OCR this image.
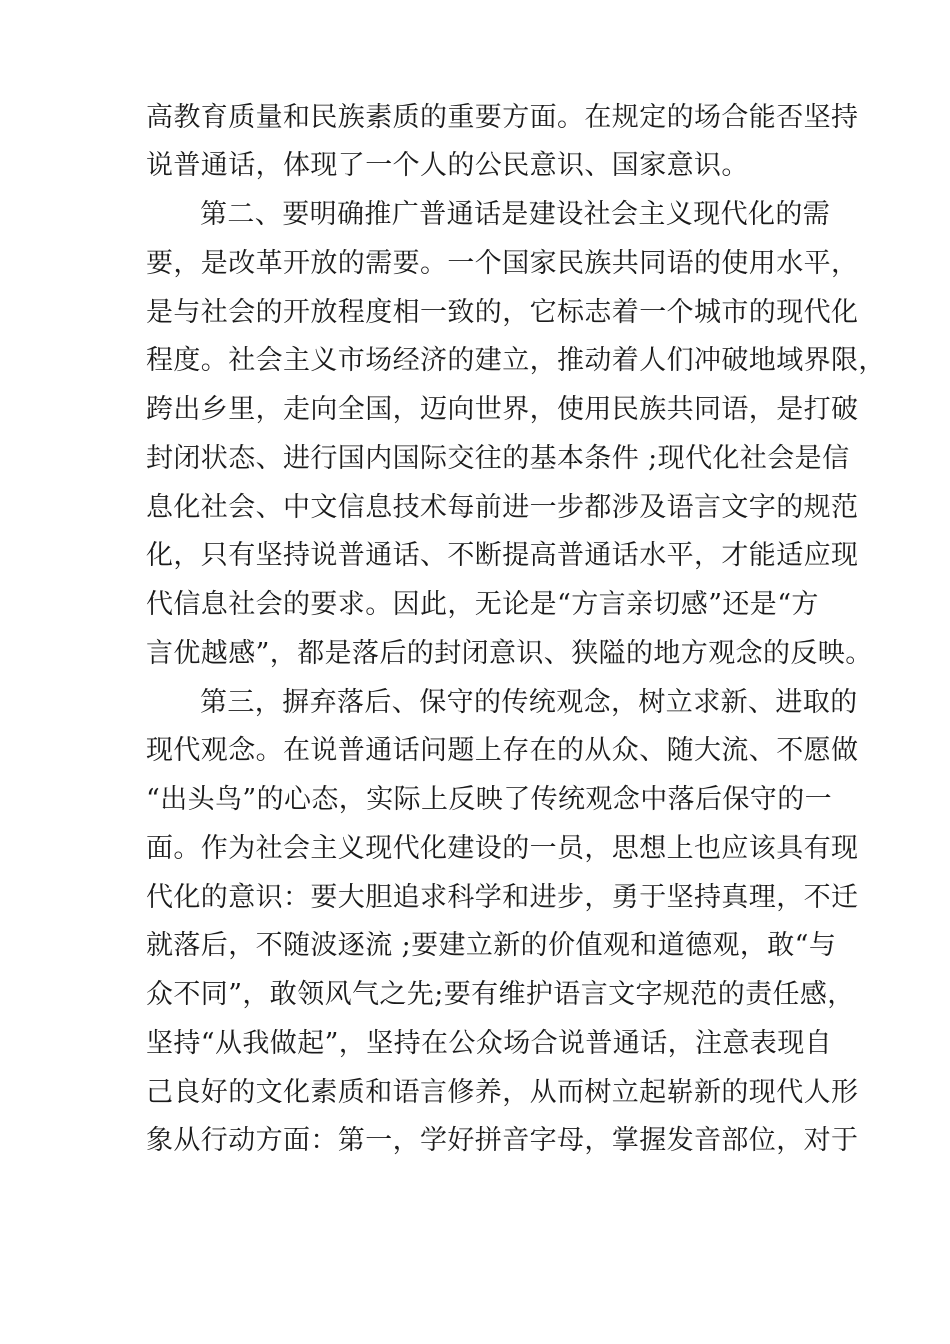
高教育质量和民族素质的重要方面。在规定的场合能否坚持
说普通话，体现了一个人的公民意识、国家意识。
第二、要明确推广普通话是建设社会主义现代化的需
要，是改革开放的需要。一个国家民族共同语的使用水平，
是与社会的开放程度相一致的，它标志着一个城市的现代化
程度。社会主义市场经济的建立，推动着人们冲破地域界限，
跨出乡里，走向全国，迈向世界，使用民族共同语，是打破
封闭状态、进行国内国际交往的基本条件 ;现代化社会是信
息化社会、中文信息技术每前进一步都涉及语言文字的规范
化，只有坚持说普通话、不断提高普通话水平，才能适应现
代信息社会的要求。因此，无论是“方言亲切感”还是“方
言优越感”，都是落后的封闭意识、狭隘的地方观念的反映。
第三，摒弃落后、保守的传统观念，树立求新、进取的
现代观念。在说普通话问题上存在的从众、随大流、不愿做
“出头鸟”的心态，实际上反映了传统观念中落后保守的一
面。作为社会主义现代化建设的一员，思想上也应该具有现
代化的意识：要大胆追求科学和进步，勇于坚持真理，不迁
就落后，不随波逐流 ;要建立新的价值观和道德观，敢“与
众不同”，敢领风气之先;要有维护语言文字规范的责任感，
坚持“从我做起”，坚持在公众场合说普通话，注意表现自
己良好的文化素质和语言修养，从而树立起崭新的现代人形
象从行动方面：第一，学好拼音字母，掌握发音部位，对于
